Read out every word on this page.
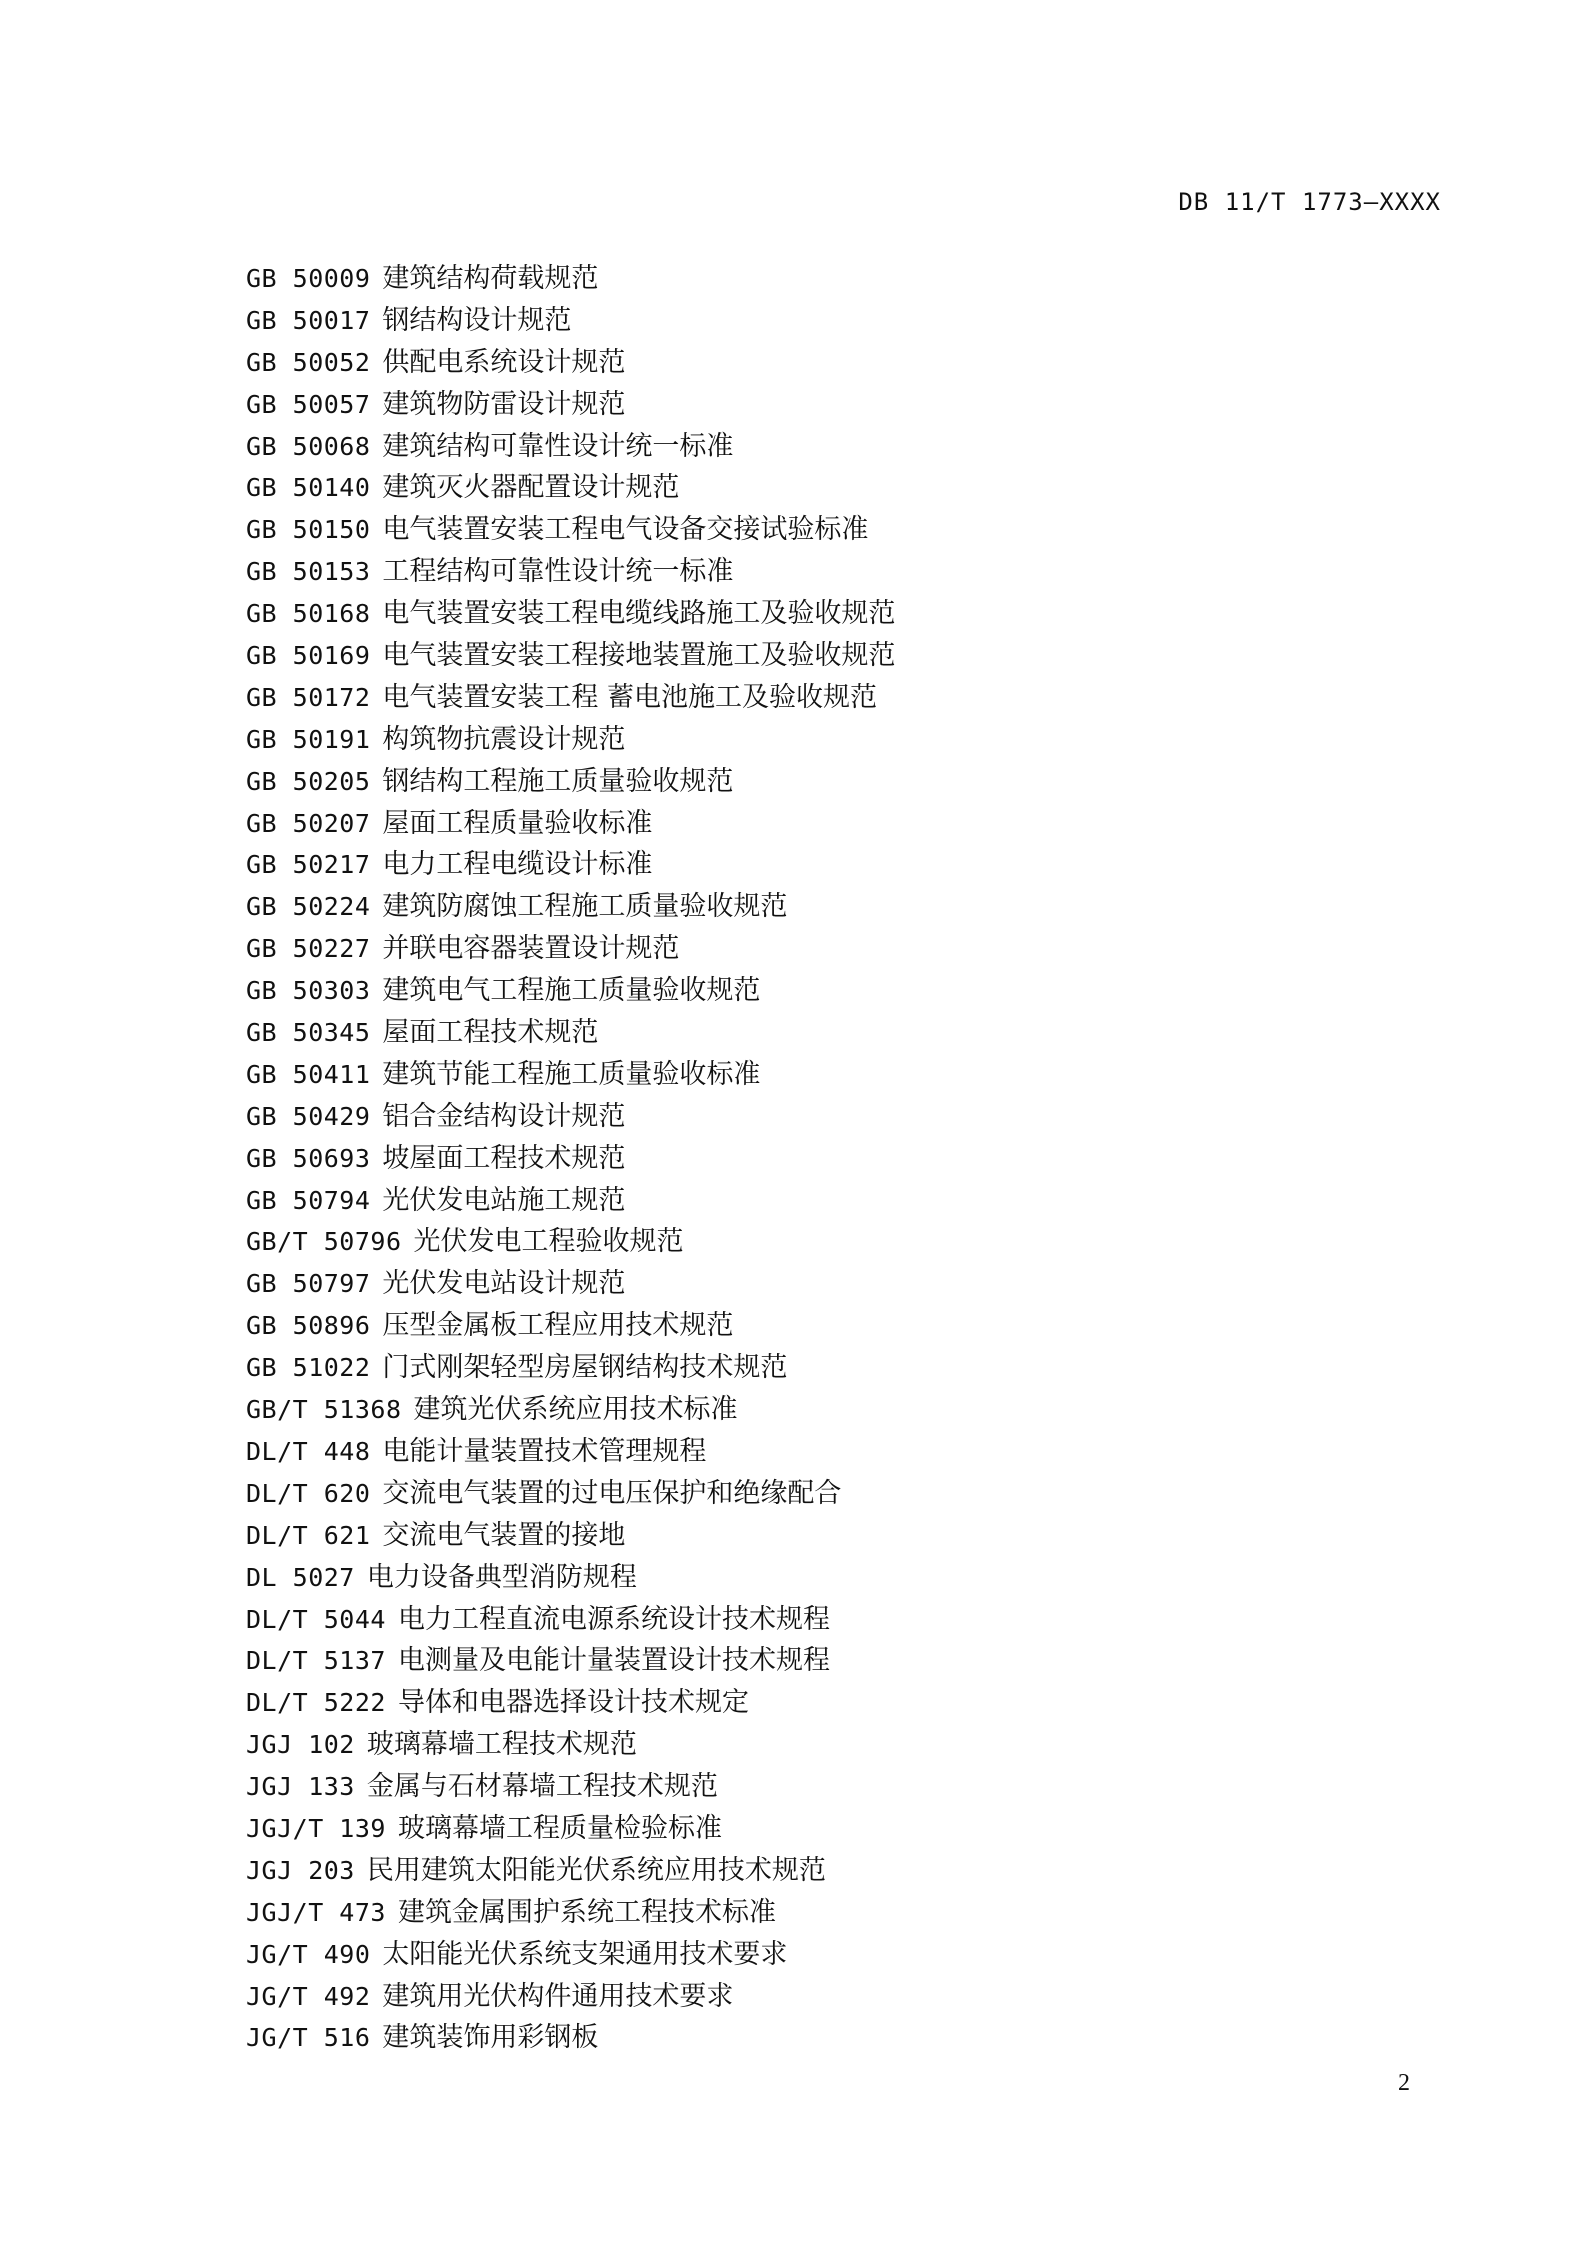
DB 11/T 1773—XXXX
GB 50009 建筑结构荷载规范
GB 50017 钢结构设计规范
GB 50052 供配电系统设计规范
GB 50057 建筑物防雷设计规范
GB 50068 建筑结构可靠性设计统一标准
GB 50140 建筑灭火器配置设计规范
GB 50150 电气装置安装工程电气设备交接试验标准
GB 50153 工程结构可靠性设计统一标准
GB 50168 电气装置安装工程电缆线路施工及验收规范
GB 50169 电气装置安装工程接地装置施工及验收规范
GB 50172 电气装置安装工程 蓄电池施工及验收规范
GB 50191 构筑物抗震设计规范
GB 50205 钢结构工程施工质量验收规范
GB 50207 屋面工程质量验收标准
GB 50217 电力工程电缆设计标准
GB 50224 建筑防腐蚀工程施工质量验收规范
GB 50227 并联电容器装置设计规范
GB 50303 建筑电气工程施工质量验收规范
GB 50345 屋面工程技术规范
GB 50411 建筑节能工程施工质量验收标准
GB 50429 铝合金结构设计规范
GB 50693 坡屋面工程技术规范
GB 50794 光伏发电站施工规范
GB/T 50796 光伏发电工程验收规范
GB 50797 光伏发电站设计规范
GB 50896 压型金属板工程应用技术规范
GB 51022 门式刚架轻型房屋钢结构技术规范
GB/T 51368 建筑光伏系统应用技术标准
DL/T 448 电能计量装置技术管理规程
DL/T 620 交流电气装置的过电压保护和绝缘配合
DL/T 621 交流电气装置的接地
DL 5027 电力设备典型消防规程
DL/T 5044 电力工程直流电源系统设计技术规程
DL/T 5137 电测量及电能计量装置设计技术规程
DL/T 5222 导体和电器选择设计技术规定
JGJ 102 玻璃幕墙工程技术规范
JGJ 133 金属与石材幕墙工程技术规范
JGJ/T 139 玻璃幕墙工程质量检验标准
JGJ 203 民用建筑太阳能光伏系统应用技术规范
JGJ/T 473 建筑金属围护系统工程技术标准
JG/T 490 太阳能光伏系统支架通用技术要求
JG/T 492 建筑用光伏构件通用技术要求
JG/T 516 建筑装饰用彩钢板
2
